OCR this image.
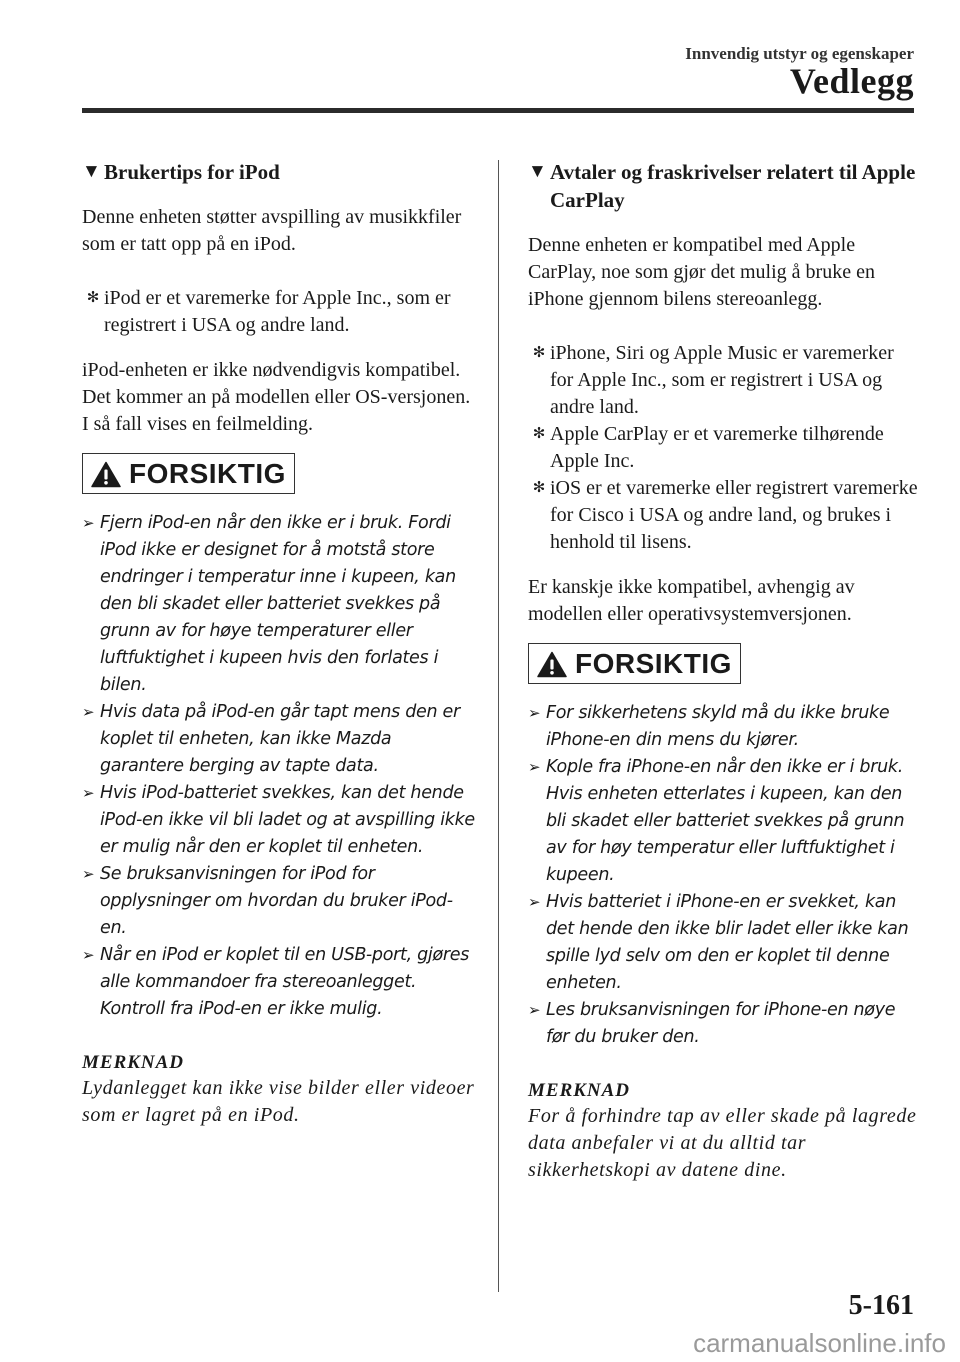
Innvendig utstyr og egenskaper
Vedlegg
▼ Brukertips for iPod

Denne enheten støtter avspilling av musikkfiler som er tatt opp på en iPod.

✻ iPod er et varemerke for Apple Inc., som er registrert i USA og andre land.

iPod-enheten er ikke nødvendigvis kompatibel. Det kommer an på modellen eller OS-versjonen. I så fall vises en feilmelding.

FORSIKTIG
➢ Fjern iPod-en når den ikke er i bruk. Fordi iPod ikke er designet for å motstå store endringer i temperatur inne i kupeen, kan den bli skadet eller batteriet svekkes på grunn av for høye temperaturer eller luftfuktighet i kupeen hvis den forlates i bilen.
➢ Hvis data på iPod-en går tapt mens den er koplet til enheten, kan ikke Mazda garantere berging av tapte data.
➢ Hvis iPod-batteriet svekkes, kan det hende iPod-en ikke vil bli ladet og at avspilling ikke er mulig når den er koplet til enheten.
➢ Se bruksanvisningen for iPod for opplysninger om hvordan du bruker iPod-en.
➢ Når en iPod er koplet til en USB-port, gjøres alle kommandoer fra stereoanlegget. Kontroll fra iPod-en er ikke mulig.
MERKNAD
Lydanlegget kan ikke vise bilder eller videoer som er lagret på en iPod.
▼ Avtaler og fraskrivelser relatert til Apple CarPlay

Denne enheten er kompatibel med Apple CarPlay, noe som gjør det mulig å bruke en iPhone gjennom bilens stereoanlegg.

✻ iPhone, Siri og Apple Music er varemerker for Apple Inc., som er registrert i USA og andre land.
✻ Apple CarPlay er et varemerke tilhørende Apple Inc.
✻ iOS er et varemerke eller registrert varemerke for Cisco i USA og andre land, og brukes i henhold til lisens.

Er kanskje ikke kompatibel, avhengig av modellen eller operativsystemversjonen.

FORSIKTIG
➢ For sikkerhetens skyld må du ikke bruke iPhone-en din mens du kjører.
➢ Kople fra iPhone-en når den ikke er i bruk. Hvis enheten etterlates i kupeen, kan den bli skadet eller batteriet svekkes på grunn av for høy temperatur eller luftfuktighet i kupeen.
➢ Hvis batteriet i iPhone-en er svekket, kan det hende den ikke blir ladet eller ikke kan spille lyd selv om den er koplet til denne enheten.
➢ Les bruksanvisningen for iPhone-en nøye før du bruker den.
MERKNAD
For å forhindre tap av eller skade på lagrede data anbefaler vi at du alltid tar sikkerhetskopi av datene dine.
5-161
carmanualsonline.info
